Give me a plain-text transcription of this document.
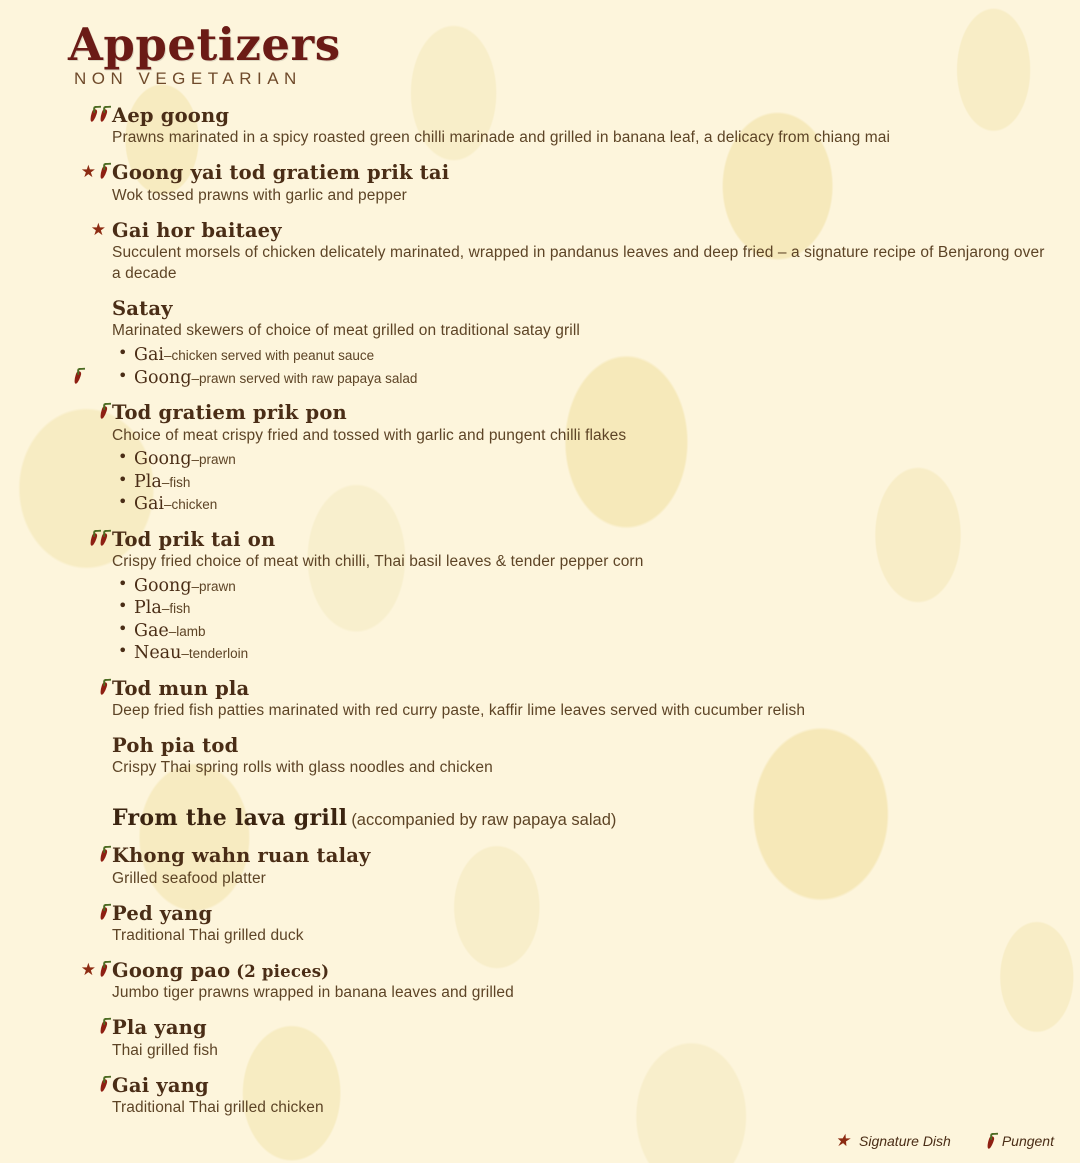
Appetizers
NON VEGETARIAN
Aep goong
Prawns marinated in a spicy roasted green chilli marinade and grilled in banana leaf, a delicacy from chiang mai
★ Goong yai tod gratiem prik tai
Wok tossed prawns with garlic and pepper
★ Gai hor baitaey
Succulent morsels of chicken delicately marinated, wrapped in pandanus leaves and deep fried – a signature recipe of Benjarong over a decade
Satay
Marinated skewers of choice of meat grilled on traditional satay grill
• Gai–chicken served with peanut sauce
• Goong–prawn served with raw papaya salad
Tod gratiem prik pon
Choice of meat crispy fried and tossed with garlic and pungent chilli flakes
• Goong–prawn
• Pla–fish
• Gai–chicken
Tod prik tai on
Crispy fried choice of meat with chilli, Thai basil leaves & tender pepper corn
• Goong–prawn
• Pla–fish
• Gae–lamb
• Neau–tenderloin
Tod mun pla
Deep fried fish patties marinated with red curry paste, kaffir lime leaves served with cucumber relish
Poh pia tod
Crispy Thai spring rolls with glass noodles and chicken
From the lava grill (accompanied by raw papaya salad)
Khong wahn ruan talay
Grilled seafood platter
Ped yang
Traditional Thai grilled duck
★ Goong pao (2 pieces)
Jumbo tiger prawns wrapped in banana leaves and grilled
Pla yang
Thai grilled fish
Gai yang
Traditional Thai grilled chicken
★ Signature Dish	Pungent
